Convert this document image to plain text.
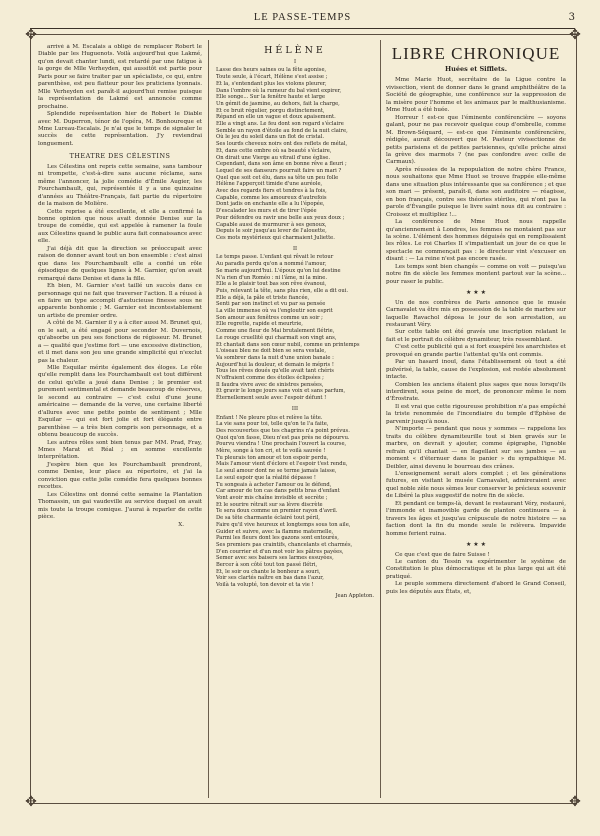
LE PASSE-TEMPS	3
✥	✥
✥	✥

arrivé à M. Escalais a obligé de remplacer Robert le Diable par les Huguenots. Voilà aujourd'hui que Lakmé, qu'on devait chanter lundi, est retardé par une fatigue à la gorge de Mlle Verheyden, qui aussitôt est partie pour Paris pour se faire traiter par un spécialiste, ce qui, entre parenthèse, est peu flatteur pour les praticiens lyonnais. Mlle Verheyden est paraît-il aujourd'hui remise puisque la représentation de Lakmé est annoncée comme prochaine.

Splendide représentation hier de Robert le Diable avec M. Duperron, ténor de l'opéra, M. Bonhoureque et Mme Lureau-Escalais. Je n'ai que le temps de signaler le succès de cette représentation. J'y reviendrai longuement.

THEATRE DES CÉLESTINS

Les Célestins ont repris cette semaine, sans tambour ni trompette, c'est-à-dire sans aucune réclame, sans même l'annoncer, la jolie comédie d'Émile Augier, les Fourchambault, qui, représentée il y a une quinzaine d'années au Théâtre-Français, fait partie du répertoire de la maison de Molière.

Cette reprise a été excellente, et elle a confirmé la bonne opinion que nous avait donnée Denise sur la troupe de comédie, qui est appelée à ramener la foule aux Célestins quand le public aura fait connaissance avec elle.

J'ai déjà dit que la direction se préoccupait avec raison de donner avant tout un bon ensemble : c'est ainsi que dans les Fourchambault elle a confié un rôle épisodique de quelques lignes à M. Garnier, qu'on avait remarqué dans Denise et dans la fille.

Eh bien, M. Garnier s'est taillé un succès dans ce personnage qui ne fait que traverser l'action. Il a réussi à en faire un type accompli d'astucieuse finesse sous ne apparente bonhomie ; M. Garnier est incontestablement un artiste de premier ordre.

A côté de M. Garnier il y a à citer aussi M. Brunet qui, on le sait, a été engagé pour seconder M. Duvernois, qu'absorbe un peu ses fonctions de régisseur. M. Brunet a — qualité que j'estime fort — une excessive distinction, et il met dans son jeu une grande simplicité qui n'exclut pas la chaleur.

Mlle Esquilar mérite également des éloges. Le rôle qu'elle remplit dans les Fourchambault est tout différent de celui qu'elle a joué dans Denise ; le premier est purement sentimental et demande beaucoup de réserves, le second au contraire — c'est celui d'une jeune américaine — demande de la verve, une certaine liberté d'allures avec une petite pointe de sentiment ; Mlle Esquilar — qui est fort jolie et fort élégante entre parenthèse — a très bien compris son personnage, et a obtenu beaucoup de succès.

Les autres rôles sont bien tenus par MM. Prad, Fray, Mmes Marat et Réal ; en somme excellente interprétation.

J'espère bien que les Fourchambault prendront, comme Denise, leur place au répertoire, et j'ai la conviction que cette jolie comédie fera quelques bonnes recettes.

Les Célestins ont donné cette semaine la Plantation Thomassin, un gai vaudeville au service duquel on avait mis toute la troupe comique. J'aurai à reparler de cette pièce.

X.
HÉLÈNE
I
Lasse des heurs saines ou la fête agonise,
Toute seule, à l'écart, Hélène s'est assise ;
Et la, s'entendant plus les violons pleurer,
Dans l'ombre où la rumeur du bal vient expirer,
Elle songe... Sur la fenêtre haute et large
Un gémit de jasmine, au dehors, fait la charge,
Et ce bruit régulier, porgu distinctement,
Répand en elle un vague et doux apaisement.
Elle a vingt ans. Le feu dont son regard s'éclaire
Semble un rayon d'étoile au fond de la nuit claire,
Où le jeu du soleil dans un flot de cristal.
Ses lourds cheveux noirs ont des reflets de métal,
Et, dans cette ombre où sa beauté s'éclaire,
On dirait une Vierge au vitrail d'une église.
Cependant, dans son âme en bonne rêve a fleuri ;
Lequel de ses danseurs pourrait faire un mari ?
Quel que soit cet élu, dans sa tête un peu folle
Hélène l'apperçoit timide d'une auréole,
Avec des regards fiers et tendres à la fois,
Capable, comme les amoureux d'autrefois
Dont jadis on enchante elle a lu l'épopée,
D'escalader les murs et de tirer l'épée
Pour défendre ou ravir une belle aux yeux doux ;
Capable aussi de murmurer à ses genoux,
Depuis le soir jusqu'au lever de l'alouette,
Ces mots mystérieux qui charmaient Juliette.
II
Le temps passe. L'enfant qui rêvait le retour
Au paradis perdu qu'on a nommé l'amour,
Se marie aujourd'hui. L'époux qu'on lui destine
N'a rien d'un Roméo : ni l'âme, ni la mine.
Elle a le plaisir tout bas son rêve évanoui,
Puis, relevant la tête, sans plus rien, elle a dit oui.
Elle a déjà, la pâle et triste fiancée,
Senti par son instinct et vu par sa pensée
La ville immense où va l'engloutir son esprit
Son amour aux fenêtres comme un soir ;
Elle regrette, rapide et meurtrie,
Comme une fleur de Mai brutalement flétrie,
Le rouge cruellité qui charmait son vingt ans,
Et chantait dans son cœur nubil, comme un printemps
L'oiseau bleu ne doit bien se sera vestale,
Va sombrer dans la nuit d'une union banale :
Aujourd'hui la douleur, et demain le mépris !
Tous les rêves doués qu'elle avait tant chéris
N'offraient comme des étoiles éclipsées ;
Il faudra vivre avec de sinistres pensées,
Et gravir le longe jours sans voix et sans parfum,
Éternellement seule avec l'espoir défunt !
III
Enfant ! Ne pleure plus et relève la tête.
La vie sans pour toi, telle qu'on te l'a faite,
Des recouvertes que tes chagrins n'a point prévus.
Quoi qu'on fasse, Dieu n'est pas près ne dépourvu.
Pourvu viendra ! Une prochain l'ouvert la course,
Mère, songe à ton cri, et te voilà sauvée !
Tu pleurais ton amour et ton espoir perdu,
Mais l'amour vient d'éclore et l'espoir t'est rendu,
Le seul amour dont ne se terme jamais laisse,
Le seul espoir que la réalité dépasse !
Tu songeais à acheter l'amour ou le défend,
Car amour de ton cas dans petits bras d'enfant
Vont avoir mis chaîne invisible et secrète ;
Et le sourire rétrait sur sa lèvre discrète
Te sera doux comme un premier rayon d'avril.
De sa tête charmante éclairé tout péril,
Faire qu'il vive heureux et longtemps sous ton aile,
Guider et suivre, avec la flamme maternelle,
Parmi les fleurs dont les gazons sont entourés,
Ses premiers pas craintifs, chancelants et charmés,
D'en courrier et d'un mot voir les pâtres payées,
Semer avec ses baisers ses larmes essuyées,
Bercer à son côté tout ton passé flétri,
Et, le soir ou chante le bonheur a souri,
Voir ses clartés naître en bas dans l'azur,
Voilà ta volupté, ton devoir et ta vie !
Jean Appleton.
LIBRE CHRONIQUE
Huées et Sifflets.

Mme Marie Huot, secrétaire de la Ligue contre la vivisection, vient de donner dans le grand amphithéâtre de la Société de géographie, une conférence sur la suppression de la misère pour l'homme et les animaux par le malthusianisme. Mme Huot a été huée.

Horreur ! est-ce que l'éminente conférencière — soyons galant, pour ne pas recevoir quelque coup d'ombrelle, comme M. Brown-Séquard, — est-ce que l'éminente conférencière, rédigée, aurait découvert que M. Pasteur vivisectionne de petits parisiens et de petites parisiennes, qu'elle prêche ainsi la grève des marmots ? (ne pas confondre avec celle de Carmaux).

Après réussies de la repopulation de notre chère France, nous souhaitons que Mme Huot se trouve frappée elle-même dans une situation plus intéressante que sa conférence ; et que son mari — présent, paraît-il, dans son auditoire — réagisse, en bon français, contre ses théories stériles, qui n'ont pas la parole d'Évangile puisque le livre saint nous dit au contraire : Croissez et multipliez !...

La conférence de Mme Huot nous rappelle qu'anciennement à Londres, les femmes ne montaient pas sur la scène. L'élément des hommes déguisés qui en remplissaient les rôles. Le roi Charles II s'impatientait un jour de ce que le spectacle ne commençait pas : le directeur vint s'excuser en disant : — La reine n'est pas encore rasée.

Les temps sont bien changés — comme on voit — puisqu'au notre fin de siècle les femmes montent partout sur la scène... pour raser le public.

★ ★ ★

Un de nos confrères de Paris annonce que le musée Carnavalet va être mis en possession de la table de marbre sur laquelle Ravachol déposa le jour de son arrestation, au restaurant Véry.

Sur cette table ont été gravés une inscription relatant le fait et le portrait du célèbre dynamiteur, très ressemblant.

C'est cette publicité qui a si fort exaspéré les anarchistes et provoqué en grande partie l'attentat qu'ils ont commis.

Par un hasard inouï, dans l'établissement où tout a été pulvérisé, la table, cause de l'explosion, est restée absolument intacte.

Combien les anciens étaient plus sages que nous lorsqu'ils interdirent, sous peine de mort, de prononcer même le nom d'Érostrate.

Il est vrai que cette rigoureuse prohibition n'a pas empêché la triste renommée de l'incendiaire du temple d'Éphèse de parvenir jusqu'à nous.

N'importe — pendant que nous y sommes — rappelons les traits du célèbre dynamiteurille tout si bien gravés sur le marbre, on devrait y ajouter, comme épigraphe, l'ignoble refrain qu'il chantait — en flagellant sur ses jambes — au moment « d'éternuer dans le panier » du sympathique M. Deibler, ainsi devenu le bourreau des crânes.

L'enseignement serait alors complet ; et les générations futures, en visitant le musée Carnavalet, admireraient avec quel noble zèle nous sèmes leur conserver le précieux souvenir de Libéré la plus suggestif de notre fin de siècle.

Et pendant ce temps-là, devant le restaurant Véry, restauré, l'immonde et inamovible garde de planton continuera — à travers les âges et jusqu'au crépuscule de notre histoire — sa faction dont la fin du monde seule le relèvera. Impavide homme ferient ruina.

★ ★ ★

Ce que c'est que de faire Suisse !

Le canton du Tessin va expérimenter le système de Constitution le plus démocratique et le plus large qui ait été pratiqué.

Le peuple sommera directement d'abord le Grand Conseil, puis les députés aux États, et,
